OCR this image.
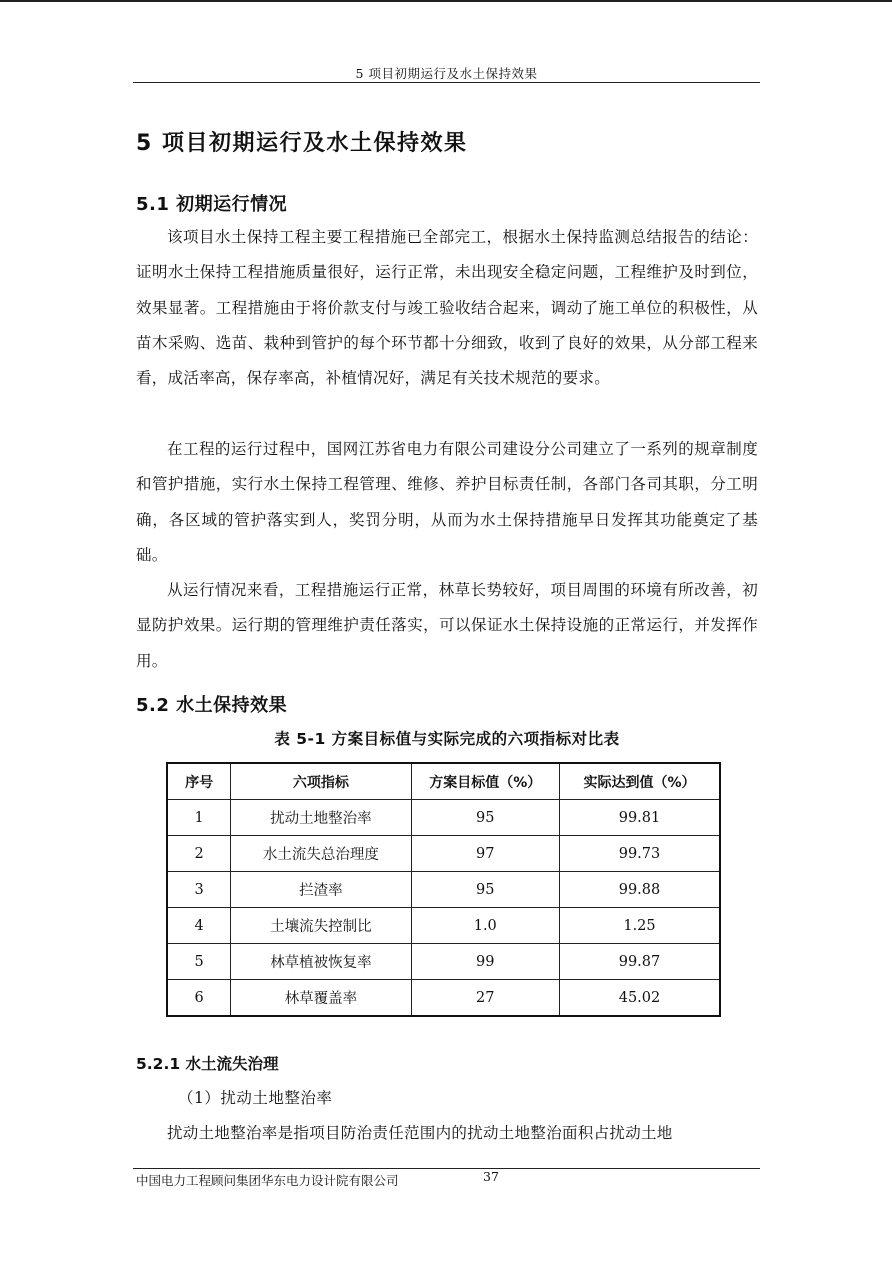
5 项目初期运行及水土保持效果
5 项目初期运行及水土保持效果
5.1 初期运行情况

该项目水土保持工程主要工程措施已全部完工，根据水土保持监测总结报告的结论：证明水土保持工程措施质量很好，运行正常，未出现安全稳定问题，工程维护及时到位，效果显著。工程措施由于将价款支付与竣工验收结合起来，调动了施工单位的积极性，从苗木采购、选苗、栽种到管护的每个环节都十分细致，收到了良好的效果，从分部工程来看，成活率高，保存率高，补植情况好，满足有关技术规范的要求。

在工程的运行过程中，国网江苏省电力有限公司建设分公司建立了一系列的规章制度和管护措施，实行水土保持工程管理、维修、养护目标责任制，各部门各司其职，分工明确，各区域的管护落实到人，奖罚分明，从而为水土保持措施早日发挥其功能奠定了基础。

从运行情况来看，工程措施运行正常，林草长势较好，项目周围的环境有所改善，初显防护效果。运行期的管理维护责任落实，可以保证水土保持设施的正常运行，并发挥作用。

5.2 水土保持效果
表 5-1 方案目标值与实际完成的六项指标对比表
序号	六项指标	方案目标值（%）	实际达到值（%）
1	扰动土地整治率	95	99.81
2	水土流失总治理度	97	99.73
3	拦渣率	95	99.88
4	土壤流失控制比	1.0	1.25
5	林草植被恢复率	99	99.87
6	林草覆盖率	27	45.02
5.2.1 水土流失治理
（1）扰动土地整治率

扰动土地整治率是指项目防治责任范围内的扰动土地整治面积占扰动土地

中国电力工程顾问集团华东电力设计院有限公司	37
